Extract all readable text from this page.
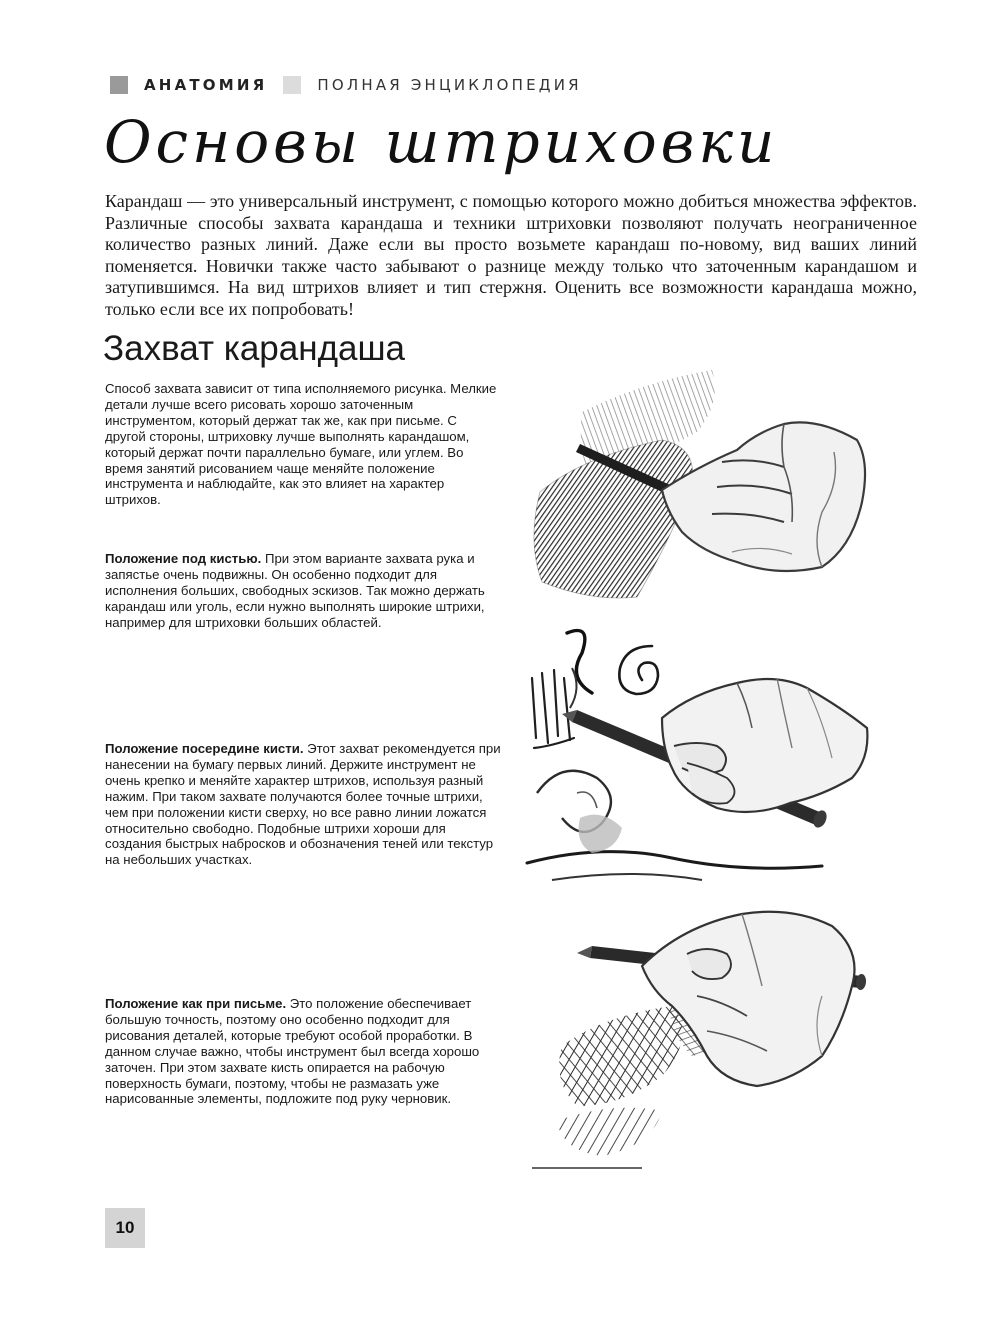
АНАТОМИЯ	ПОЛНАЯ ЭНЦИКЛОПЕДИЯ
Основы штриховки

Карандаш — это универсальный инструмент, с помощью которого можно добиться множества эффектов. Различные способы захвата карандаша и техники штриховки позволяют получать неограниченное количество разных линий. Даже если вы просто возьмете карандаш по-новому, вид ваших линий поменяется. Новички также часто забывают о разнице между только что заточенным карандашом и затупившимся. На вид штрихов влияет и тип стержня. Оценить все возможности карандаша можно, только если все их попробовать!

Захват карандаша

Способ захвата зависит от типа исполняемого рисунка. Мелкие детали лучше всего рисовать хорошо заточенным инструментом, который держат так же, как при письме. С другой стороны, штриховку лучше выполнять карандашом, который держат почти параллельно бумаге, или углем. Во время занятий рисованием чаще меняйте положение инструмента и наблюдайте, как это влияет на характер штрихов.

Положение под кистью. При этом варианте захвата рука и запястье очень подвижны. Он особенно подходит для исполнения больших, свободных эскизов. Так можно держать карандаш или уголь, если нужно выполнять широкие штрихи, например для штриховки больших областей.

Положение посередине кисти. Этот захват рекомендуется при нанесении на бумагу первых линий. Держите инструмент не очень крепко и меняйте характер штрихов, используя разный нажим. При таком захвате получаются более точные штрихи, чем при положении кисти сверху, но все равно линии ложатся относительно свободно. Подобные штрихи хороши для создания быстрых набросков и обозначения теней или текстур на небольших участках.

Положение как при письме. Это положение обеспечивает большую точность, поэтому оно особенно подходит для рисования деталей, которые требуют особой проработки. В данном случае важно, чтобы инструмент был всегда хорошо заточен. При этом захвате кисть опирается на рабочую поверхность бумаги, поэтому, чтобы не размазать уже нарисованные элементы, подложите под руку черновик.

10
